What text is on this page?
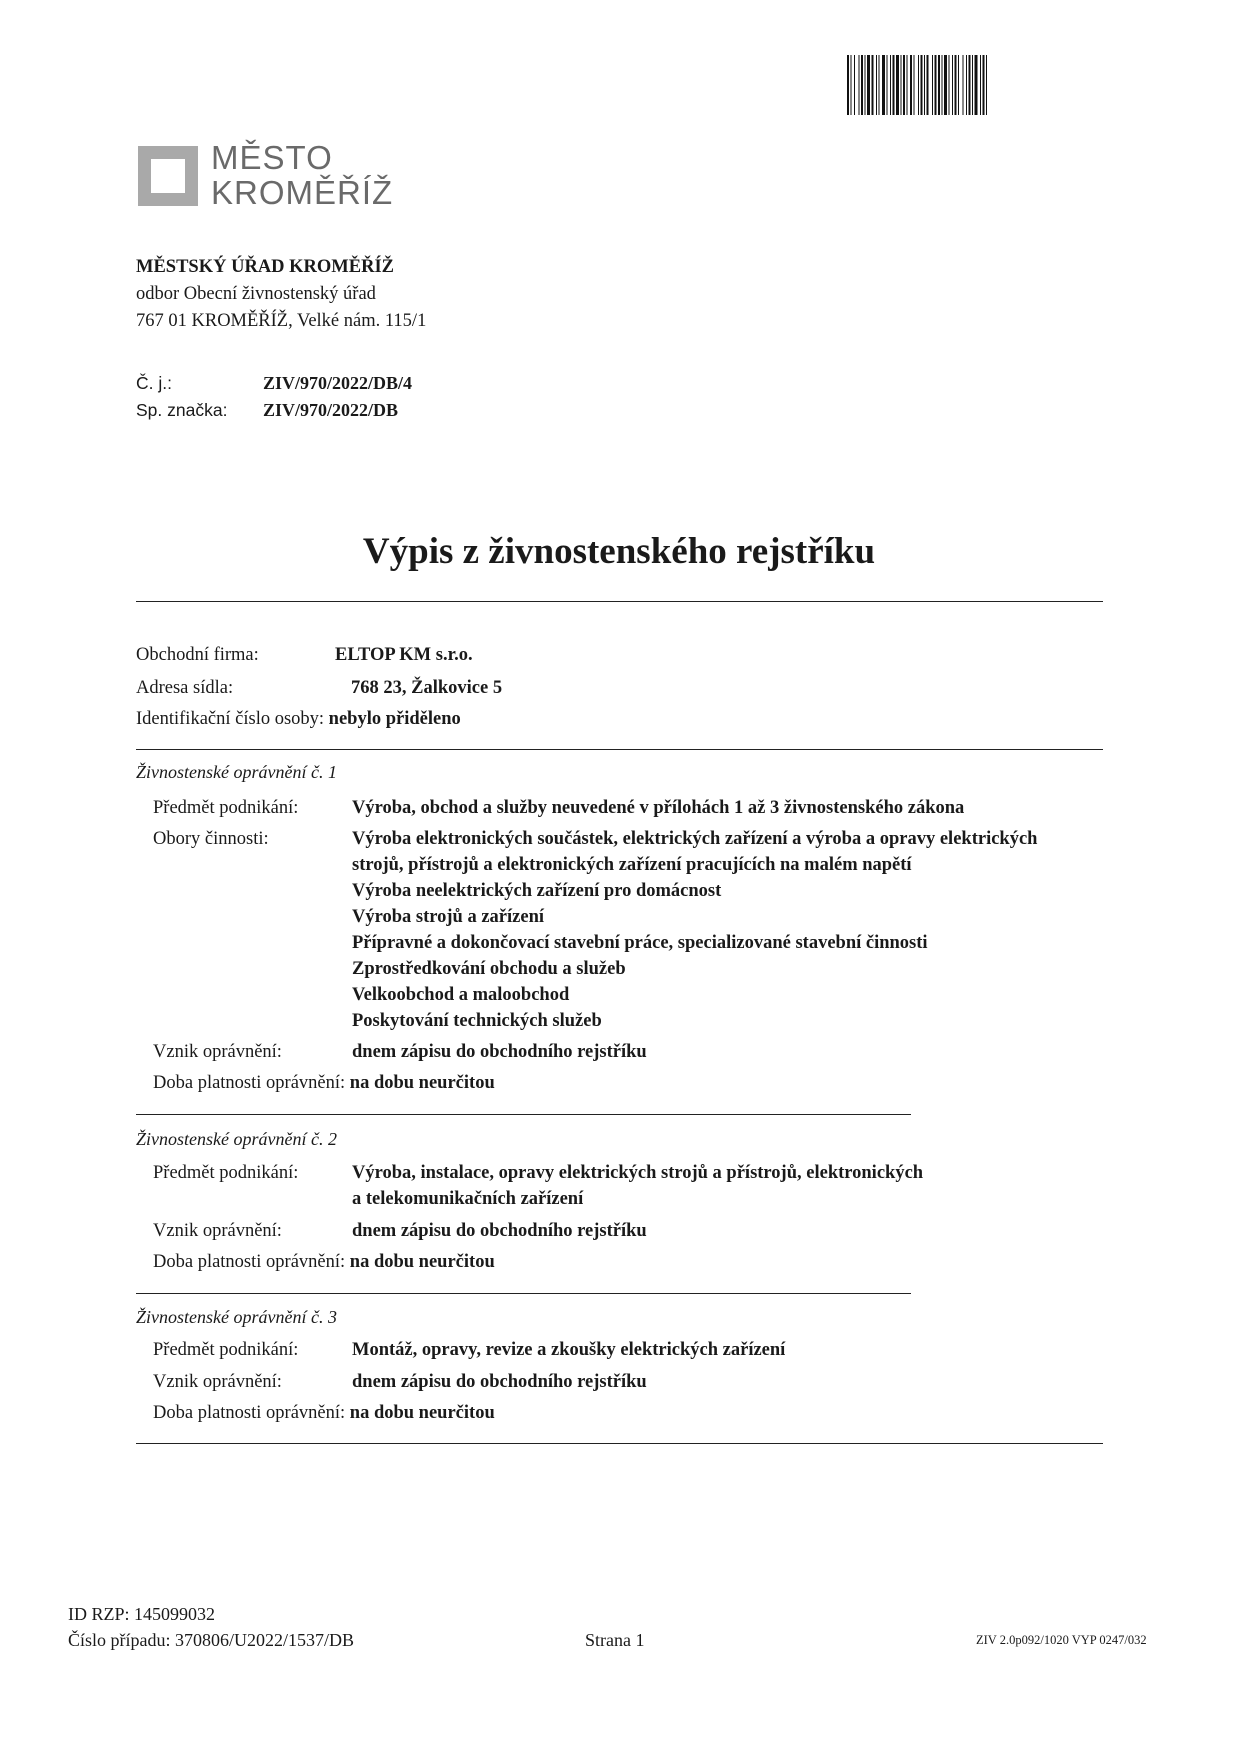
MĚSTO
KROMĚŘÍŽ
MĚSTSKÝ ÚŘAD KROMĚŘÍŽ
odbor Obecní živnostenský úřad
767 01 KROMĚŘÍŽ, Velké nám. 115/1
Č. j.:	ZIV/970/2022/DB/4
Sp. značka: ZIV/970/2022/DB
Výpis z živnostenského rejstříku
Obchodní firma:	ELTOP KM s.r.o.
Adresa sídla:	768 23, Žalkovice 5
Identifikační číslo osoby: nebylo přiděleno
Živnostenské oprávnění č. 1
Předmět podnikání:	Výroba, obchod a služby neuvedené v přílohách 1 až 3 živnostenského zákona
Obory činnosti:	Výroba elektronických součástek, elektrických zařízení a výroba a opravy elektrických
strojů, přístrojů a elektronických zařízení pracujících na malém napětí
Výroba neelektrických zařízení pro domácnost
Výroba strojů a zařízení
Přípravné a dokončovací stavební práce, specializované stavební činnosti
Zprostředkování obchodu a služeb
Velkoobchod a maloobchod
Poskytování technických služeb
Vznik oprávnění:	dnem zápisu do obchodního rejstříku
Doba platnosti oprávnění: na dobu neurčitou
Živnostenské oprávnění č. 2
Předmět podnikání:	Výroba, instalace, opravy elektrických strojů a přístrojů, elektronických
a telekomunikačních zařízení
Vznik oprávnění:	dnem zápisu do obchodního rejstříku
Doba platnosti oprávnění: na dobu neurčitou
Živnostenské oprávnění č. 3
Předmět podnikání:	Montáž, opravy, revize a zkoušky elektrických zařízení
Vznik oprávnění:	dnem zápisu do obchodního rejstříku
Doba platnosti oprávnění: na dobu neurčitou
ID RZP: 145099032
Číslo případu: 370806/U2022/1537/DB	Strana 1	ZIV 2.0p092/1020 VYP 0247/032
